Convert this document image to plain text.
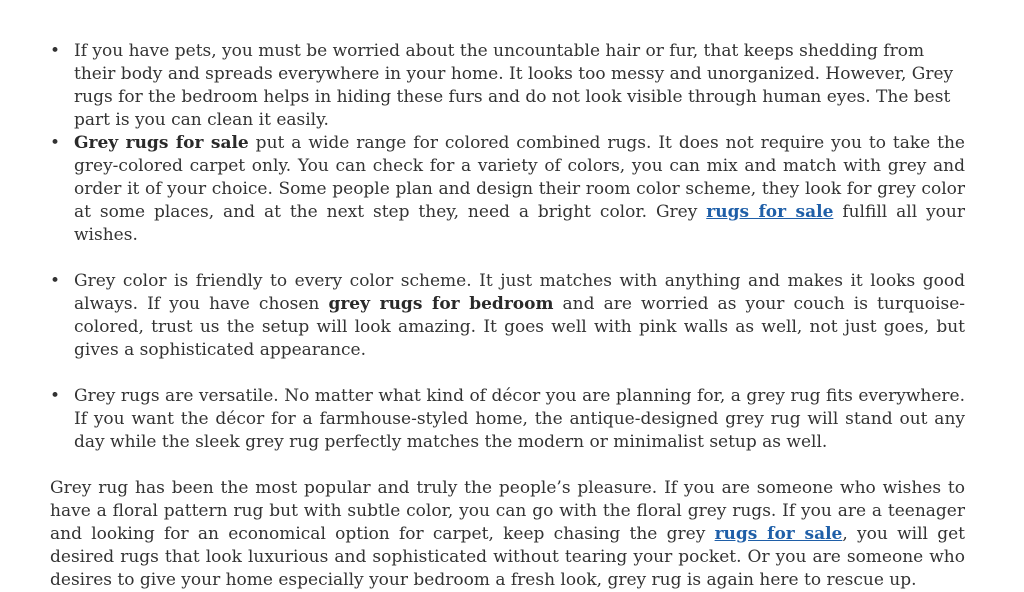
• If you have pets, you must be worried about the uncountable hair or fur, that keeps shedding from their body and spreads everywhere in your home. It looks too messy and unorganized. However, Grey rugs for the bedroom helps in hiding these furs and do not look visible through human eyes. The best part is you can clean it easily.
• Grey rugs for sale put a wide range for colored combined rugs. It does not require you to take the grey-colored carpet only. You can check for a variety of colors, you can mix and match with grey and order it of your choice. Some people plan and design their room color scheme, they look for grey color at some places, and at the next step they, need a bright color. Grey rugs for sale fulfill all your wishes.
• Grey color is friendly to every color scheme. It just matches with anything and makes it looks good always. If you have chosen grey rugs for bedroom and are worried as your couch is turquoise-colored, trust us the setup will look amazing. It goes well with pink walls as well, not just goes, but gives a sophisticated appearance.
• Grey rugs are versatile. No matter what kind of décor you are planning for, a grey rug fits everywhere. If you want the décor for a farmhouse-styled home, the antique-designed grey rug will stand out any day while the sleek grey rug perfectly matches the modern or minimalist setup as well.

Grey rug has been the most popular and truly the people’s pleasure. If you are someone who wishes to have a floral pattern rug but with subtle color, you can go with the floral grey rugs. If you are a teenager and looking for an economical option for carpet, keep chasing the grey rugs for sale, you will get desired rugs that look luxurious and sophisticated without tearing your pocket. Or you are someone who desires to give your home especially your bedroom a fresh look, grey rug is again here to rescue up.
